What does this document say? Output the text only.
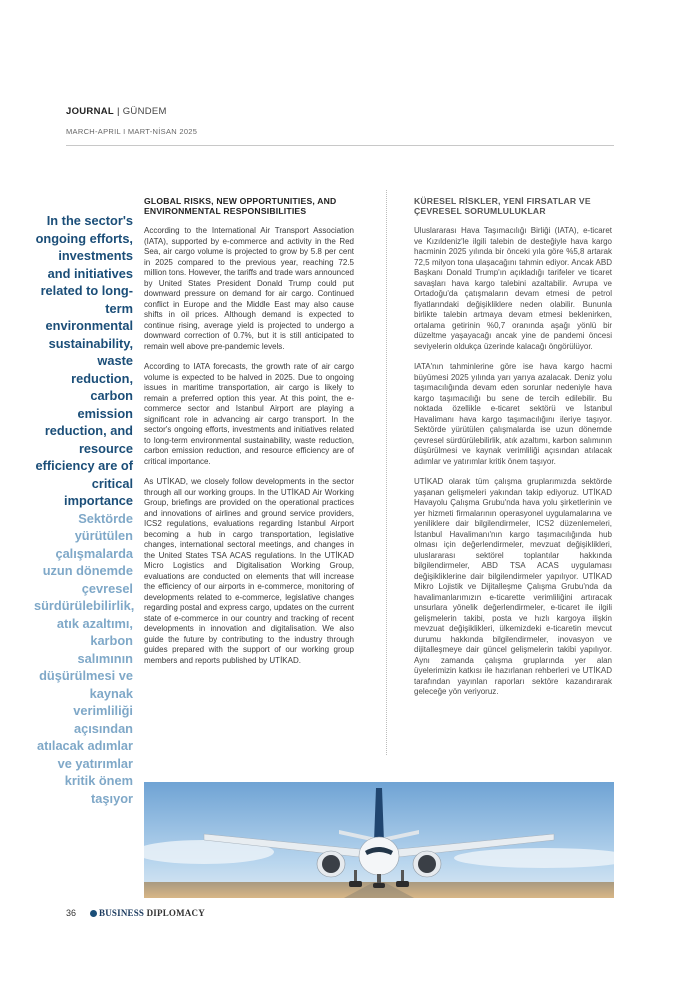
JOURNAL | GÜNDEM
MARCH-APRIL I MART-NİSAN 2025
In the sector's ongoing efforts, investments and initiatives related to long-term environmental sustainability, waste reduction, carbon emission reduction, and resource efficiency are of critical importance
Sektörde yürütülen çalışmalarda uzun dönemde çevresel sürdürülebilirlik, atık azaltımı, karbon salımının düşürülmesi ve kaynak verimliliği açısından atılacak adımlar ve yatırımlar kritik önem taşıyor
GLOBAL RISKS, NEW OPPORTUNITIES, AND ENVIRONMENTAL RESPONSIBILITIES

According to the International Air Transport Association (IATA), supported by e-commerce and activity in the Red Sea, air cargo volume is projected to grow by 5.8 per cent in 2025 compared to the previous year, reaching 72.5 million tons. However, the tariffs and trade wars announced by United States President Donald Trump could put downward pressure on demand for air cargo. Continued conflict in Europe and the Middle East may also cause shifts in oil prices. Although demand is expected to continue rising, average yield is projected to undergo a downward correction of 0.7%, but it is still anticipated to remain well above pre-pandemic levels.

According to IATA forecasts, the growth rate of air cargo volume is expected to be halved in 2025. Due to ongoing issues in maritime transportation, air cargo is likely to remain a preferred option this year. At this point, the e-commerce sector and Istanbul Airport are playing a significant role in advancing air cargo transport. In the sector's ongoing efforts, investments and initiatives related to long-term environmental sustainability, waste reduction, carbon emission reduction, and resource efficiency are of critical importance.

As UTİKAD, we closely follow developments in the sector through all our working groups. In the UTİKAD Air Working Group, briefings are provided on the operational practices and innovations of airlines and ground service providers, ICS2 regulations, evaluations regarding Istanbul Airport becoming a hub in cargo transportation, legislative changes, international sectoral meetings, and changes in the United States TSA ACAS regulations. In the UTİKAD Micro Logistics and Digitalisation Working Group, evaluations are conducted on elements that will increase the efficiency of our airports in e-commerce, monitoring of developments related to e-commerce, legislative changes regarding postal and express cargo, updates on the current state of e-commerce in our country and tracking of recent developments in innovation and digitalisation. We also guide the future by contributing to the industry through guides prepared with the support of our working group members and reports published by UTİKAD.

KÜRESEL RİSKLER, YENİ FIRSATLAR VE ÇEVRESEL SORUMLULUKLAR

Uluslararası Hava Taşımacılığı Birliği (IATA), e-ticaret ve Kızıldeniz'le ilgili talebin de desteğiyle hava kargo hacminin 2025 yılında bir önceki yıla göre %5,8 artarak 72,5 milyon tona ulaşacağını tahmin ediyor. Ancak ABD Başkanı Donald Trump'ın açıkladığı tarifeler ve ticaret savaşları hava kargo talebini azaltabilir. Avrupa ve Ortadoğu'da çatışmaların devam etmesi de petrol fiyatlarındaki değişikliklere neden olabilir. Bununla birlikte talebin artmaya devam etmesi beklenirken, ortalama getirinin %0,7 oranında aşağı yönlü bir düzeltme yaşayacağı ancak yine de pandemi öncesi seviyelerin oldukça üzerinde kalacağı öngörülüyor.

IATA'nın tahminlerine göre ise hava kargo hacmi büyümesi 2025 yılında yarı yarıya azalacak. Deniz yolu taşımacılığında devam eden sorunlar nedeniyle hava kargo taşımacılığı bu sene de tercih edilebilir. Bu noktada özellikle e-ticaret sektörü ve İstanbul Havalimanı hava kargo taşımacılığını ileriye taşıyor. Sektörde yürütülen çalışmalarda ise uzun dönemde çevresel sürdürülebilirlik, atık azaltımı, karbon salımının düşürülmesi ve kaynak verimliliği açısından atılacak adımlar ve yatırımlar kritik önem taşıyor.

UTİKAD olarak tüm çalışma gruplarımızda sektörde yaşanan gelişmeleri yakından takip ediyoruz. UTİKAD Havayolu Çalışma Grubu'nda hava yolu şirketlerinin ve yer hizmeti firmalarının operasyonel uygulamalarına ve yeniliklere dair bilgilendirmeler, ICS2 düzenlemeleri, İstanbul Havalimanı'nın kargo taşımacılığında hub olması için değerlendirmeler, mevzuat değişiklikleri, uluslararası sektörel toplantılar hakkında bilgilendirmeler, ABD TSA ACAS uygulaması değişikliklerine dair bilgilendirmeler yapılıyor. UTİKAD Mikro Lojistik ve Dijitalleşme Çalışma Grubu'nda da havalimanlarımızın e-ticarette verimliliğini artıracak unsurlara yönelik değerlendirmeler, e-ticaret ile ilgili gelişmelerin takibi, posta ve hızlı kargoya ilişkin mevzuat değişiklikleri, ülkemizdeki e-ticaretin mevcut durumu hakkında bilgilendirmeler, inovasyon ve dijitalleşmeye dair güncel gelişmelerin takibi yapılıyor. Aynı zamanda çalışma gruplarında yer alan üyelerimizin katkısı ile hazırlanan rehberleri ve UTİKAD tarafından yayınlan raporları sektöre kazandırarak geleceğe yön veriyoruz.

36	BUSINESS DIPLOMACY
